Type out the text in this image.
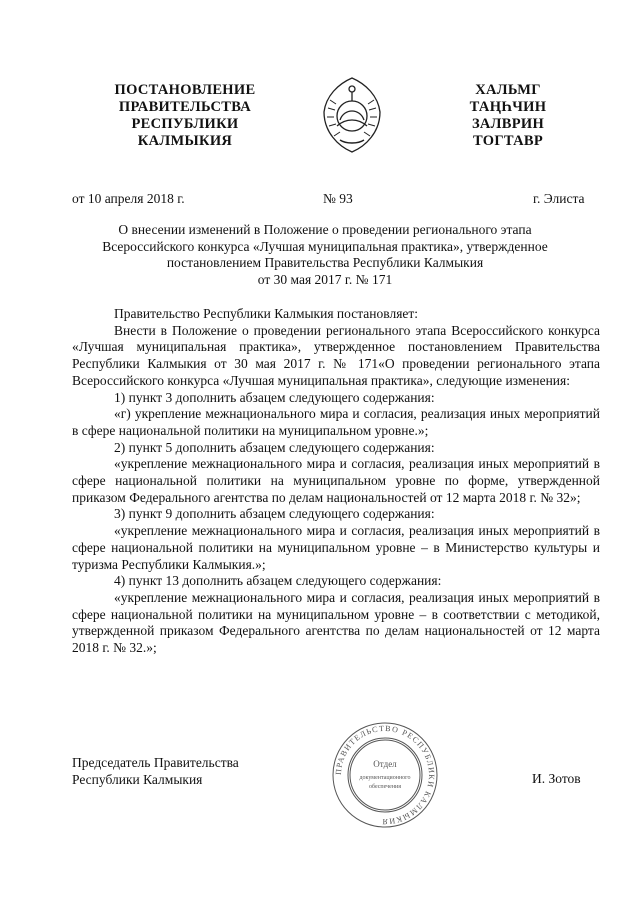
ПОСТАНОВЛЕНИЕ
ПРАВИТЕЛЬСТВА
РЕСПУБЛИКИ
КАЛМЫКИЯ
ХАЛЬМГ
ТАҢҺЧИН
ЗАЛВРИН
ТОГТАВР
от 10 апреля 2018 г.	№ 93	г. Элиста
О внесении изменений в Положение о проведении регионального этапа
Всероссийского конкурса «Лучшая муниципальная практика», утвержденное
постановлением Правительства Республики Калмыкия
от 30 мая 2017 г. № 171

Правительство Республики Калмыкия постановляет:

Внести в Положение о проведении регионального этапа Всероссийского конкурса «Лучшая муниципальная практика», утвержденное постановлением Правительства Республики Калмыкия от 30 мая 2017 г. № 171«О проведении регионального этапа Всероссийского конкурса «Лучшая муниципальная практика», следующие изменения:

1) пункт 3 дополнить абзацем следующего содержания:

«г) укрепление межнационального мира и согласия, реализация иных мероприятий в сфере национальной политики на муниципальном уровне.»;

2) пункт 5 дополнить абзацем следующего содержания:

«укрепление межнационального мира и согласия, реализация иных мероприятий в сфере национальной политики на муниципальном уровне по форме, утвержденной приказом Федерального агентства по делам национальностей от 12 марта 2018 г. № 32»;

3) пункт 9 дополнить абзацем следующего содержания:

«укрепление межнационального мира и согласия, реализация иных мероприятий в сфере национальной политики на муниципальном уровне – в Министерство культуры и туризма Республики Калмыкия.»;

4) пункт 13 дополнить абзацем следующего содержания:

«укрепление межнационального мира и согласия, реализация иных мероприятий в сфере национальной политики на муниципальном уровне – в соответствии с методикой, утвержденной приказом Федерального агентства по делам национальностей от 12 марта 2018 г. № 32.»;

Председатель Правительства
Республики Калмыкия
ПРАВИТЕЛЬСТВО РЕСПУБЛИКИ КАЛМЫКИЯ
Отдел
документационного
обеспечения
И. Зотов
